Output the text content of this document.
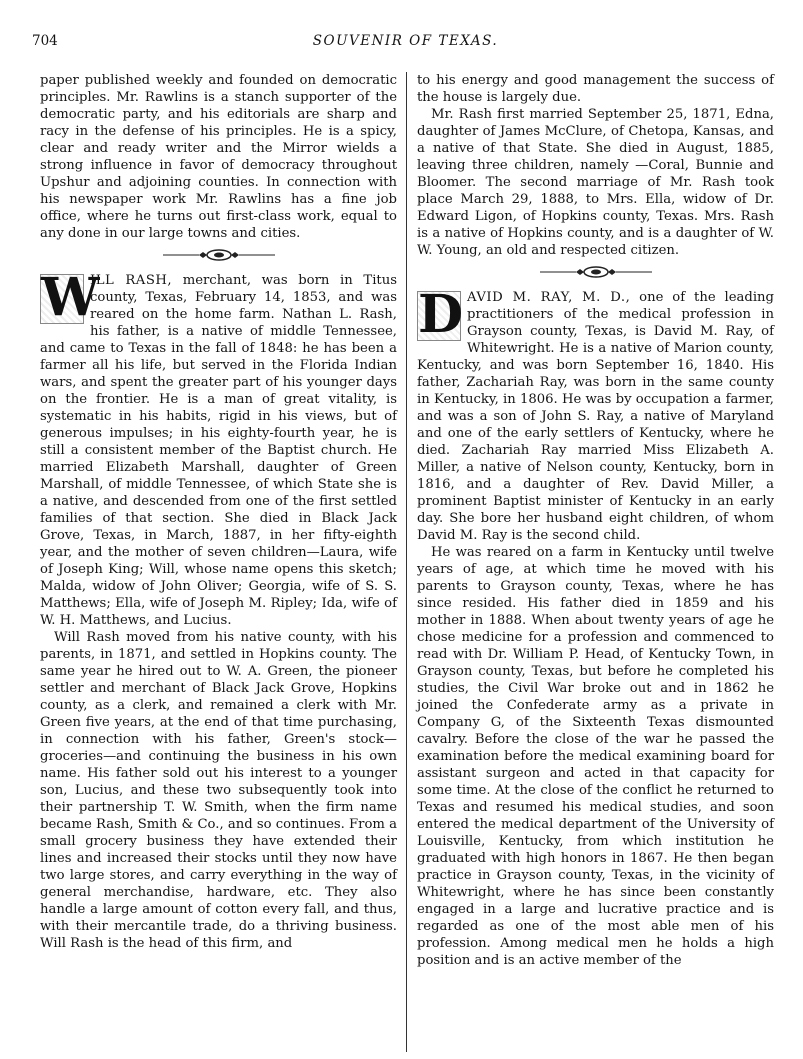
704	SOUVENIR OF TEXAS.

paper published weekly and founded on democratic principles. Mr. Rawlins is a stanch supporter of the democratic party, and his editorials are sharp and racy in the defense of his principles. He is a spicy, clear and ready writer and the Mirror wields a strong influence in favor of democracy throughout Upshur and adjoining counties. In connection with his newspaper work Mr. Rawlins has a fine job office, where he turns out first-class work, equal to any done in our large towns and cities.

W
ILL RASH, merchant, was born in Titus county, Texas, February 14, 1853, and was reared on the home farm. Nathan L. Rash, his father, is a native of middle Tennessee, and came to Texas in the fall of 1848: he has been a farmer all his life, but served in the Florida Indian wars, and spent the greater part of his younger days on the frontier. He is a man of great vitality, is systematic in his habits, rigid in his views, but of generous impulses; in his eighty-fourth year, he is still a consistent member of the Baptist church. He married Elizabeth Marshall, daughter of Green Marshall, of middle Tennessee, of which State she is a native, and descended from one of the first settled families of that section. She died in Black Jack Grove, Texas, in March, 1887, in her fifty-eighth year, and the mother of seven children—Laura, wife of Joseph King; Will, whose name opens this sketch; Malda, widow of John Oliver; Georgia, wife of S. S. Matthews; Ella, wife of Joseph M. Ripley; Ida, wife of W. H. Matthews, and Lucius.

Will Rash moved from his native county, with his parents, in 1871, and settled in Hopkins county. The same year he hired out to W. A. Green, the pioneer settler and merchant of Black Jack Grove, Hopkins county, as a clerk, and remained a clerk with Mr. Green five years, at the end of that time purchasing, in connection with his father, Green's stock—groceries—and continuing the business in his own name. His father sold out his interest to a younger son, Lucius, and these two subsequently took into their partnership T. W. Smith, when the firm name became Rash, Smith & Co., and so continues. From a small grocery business they have extended their lines and increased their stocks until they now have two large stores, and carry everything in the way of general merchandise, hardware, etc. They also handle a large amount of cotton every fall, and thus, with their mercantile trade, do a thriving business. Will Rash is the head of this firm, and

to his energy and good management the success of the house is largely due.

Mr. Rash first married September 25, 1871, Edna, daughter of James McClure, of Chetopa, Kansas, and a native of that State. She died in August, 1885, leaving three children, namely —Coral, Bunnie and Bloomer. The second marriage of Mr. Rash took place March 29, 1888, to Mrs. Ella, widow of Dr. Edward Ligon, of Hopkins county, Texas. Mrs. Rash is a native of Hopkins county, and is a daughter of W. W. Young, an old and respected citizen.

D AVID M. RAY, M. D., one of the leading practitioners of the medical profession in Grayson county, Texas, is David M. Ray, of Whitewright. He is a native of Marion county, Kentucky, and was born September 16, 1840. His father, Zachariah Ray, was born in the same county in Kentucky, in 1806. He was by occupation a farmer, and was a son of John S. Ray, a native of Maryland and one of the early settlers of Kentucky, where he died. Zachariah Ray married Miss Elizabeth A. Miller, a native of Nelson county, Kentucky, born in 1816, and a daughter of Rev. David Miller, a prominent Baptist minister of Kentucky in an early day. She bore her husband eight children, of whom David M. Ray is the second child.

He was reared on a farm in Kentucky until twelve years of age, at which time he moved with his parents to Grayson county, Texas, where he has since resided. His father died in 1859 and his mother in 1888. When about twenty years of age he chose medicine for a profession and commenced to read with Dr. William P. Head, of Kentucky Town, in Grayson county, Texas, but before he completed his studies, the Civil War broke out and in 1862 he joined the Confederate army as a private in Company G, of the Sixteenth Texas dismounted cavalry. Before the close of the war he passed the examination before the medical examining board for assistant surgeon and acted in that capacity for some time. At the close of the conflict he returned to Texas and resumed his medical studies, and soon entered the medical department of the University of Louisville, Kentucky, from which institution he graduated with high honors in 1867. He then began practice in Grayson county, Texas, in the vicinity of Whitewright, where he has since been constantly engaged in a large and lucrative practice and is regarded as one of the most able men of his profession. Among medical men he holds a high position and is an active member of the
